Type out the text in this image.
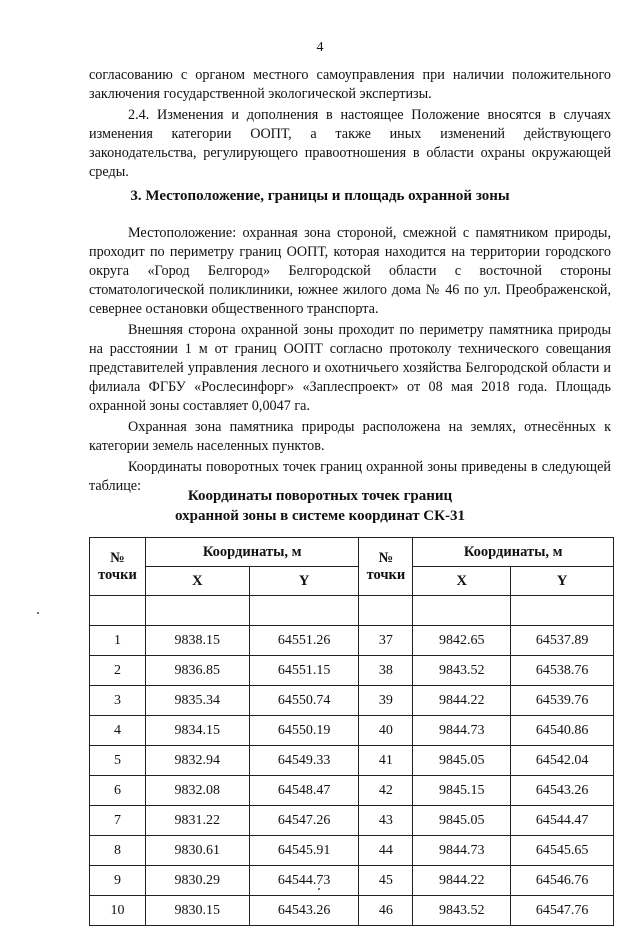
4

согласованию с органом местного самоуправления при наличии положительного заключения государственной экологической экспертизы.

2.4. Изменения и дополнения в настоящее Положение вносятся в случаях изменения категории ООПТ, а также иных изменений действующего законодательства, регулирующего правоотношения в области охраны окружающей среды.

3. Местоположение, границы и площадь охранной зоны

Местоположение: охранная зона стороной, смежной с памятником природы, проходит по периметру границ ООПТ, которая находится на территории городского округа «Город Белгород» Белгородской области с восточной стороны стоматологической поликлиники, южнее жилого дома № 46 по ул. Преображенской, севернее остановки общественного транспорта.

Внешняя сторона охранной зоны проходит по периметру памятника природы на расстоянии 1 м от границ ООПТ согласно протоколу технического совещания представителей управления лесного и охотничьего хозяйства Белгородской области и филиала ФГБУ «Рослесинфорг» «Заплеспроект» от 08 мая 2018 года. Площадь охранной зоны составляет 0,0047 га.

Охранная зона памятника природы расположена на землях, отнесённых к категории земель населенных пунктов.

Координаты поворотных точек границ охранной зоны приведены в следующей таблице:

Координаты поворотных точек границ
охранной зоны в системе координат СК-31
№ точки	Координаты, м		№ точки	Координаты, м	
	X	Y		X	Y

1	9838.15	64551.26	37	9842.65	64537.89
2	9836.85	64551.15	38	9843.52	64538.76
3	9835.34	64550.74	39	9844.22	64539.76
4	9834.15	64550.19	40	9844.73	64540.86
5	9832.94	64549.33	41	9845.05	64542.04
6	9832.08	64548.47	42	9845.15	64543.26
7	9831.22	64547.26	43	9845.05	64544.47
8	9830.61	64545.91	44	9844.73	64545.65
9	9830.29	64544.73	45	9844.22	64546.76
10	9830.15	64543.26	46	9843.52	64547.76
